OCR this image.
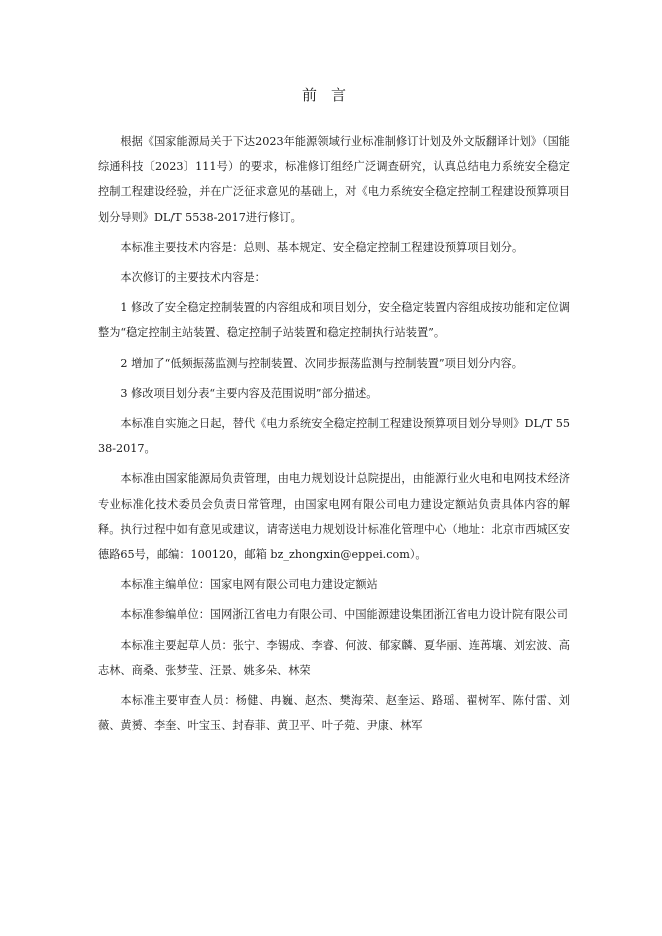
前言

根据《国家能源局关于下达2023年能源领域行业标准制修订计划及外文版翻译计划》（国能综通科技〔2023〕111号）的要求，标准修订组经广泛调查研究，认真总结电力系统安全稳定控制工程建设经验，并在广泛征求意见的基础上，对《电力系统安全稳定控制工程建设预算项目划分导则》DL/T 5538-2017进行修订。

本标准主要技术内容是：总则、基本规定、安全稳定控制工程建设预算项目划分。

本次修订的主要技术内容是：

1 修改了安全稳定控制装置的内容组成和项目划分，安全稳定装置内容组成按功能和定位调整为“稳定控制主站装置、稳定控制子站装置和稳定控制执行站装置”。

2 增加了“低频振荡监测与控制装置、次同步振荡监测与控制装置”项目划分内容。

3 修改项目划分表“主要内容及范围说明”部分描述。

本标准自实施之日起，替代《电力系统安全稳定控制工程建设预算项目划分导则》DL/T 5538-2017。

本标准由国家能源局负责管理，由电力规划设计总院提出，由能源行业火电和电网技术经济专业标准化技术委员会负责日常管理，由国家电网有限公司电力建设定额站负责具体内容的解释。执行过程中如有意见或建议，请寄送电力规划设计标准化管理中心（地址：北京市西城区安德路65号，邮编：100120，邮箱 bz_zhongxin@eppei.com）。

本标准主编单位：国家电网有限公司电力建设定额站

本标准参编单位：国网浙江省电力有限公司、中国能源建设集团浙江省电力设计院有限公司

本标准主要起草人员：张宁、李锡成、李睿、何波、郁家麟、夏华丽、连苒壤、刘宏波、高志林、商桑、张梦莹、汪景、姚多朵、林荣

本标准主要审查人员：杨健、冉巍、赵杰、樊海荣、赵奎运、路瑶、翟树军、陈付雷、刘薇、黄赟、李奎、叶宝玉、封春菲、黄卫平、叶子菀、尹康、林军
